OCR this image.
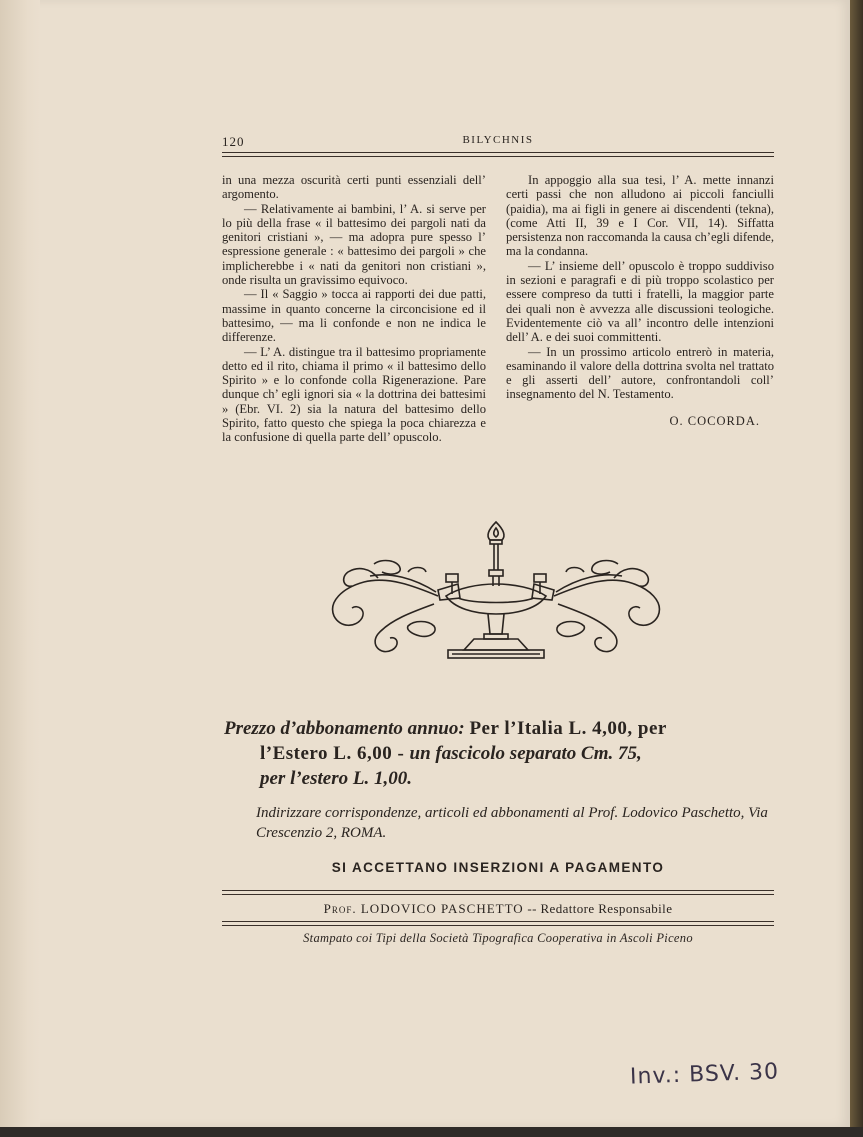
120	BILYCHNIS

in una mezza oscurità certi punti essenziali dell’ argomento.

— Relativamente ai bambini, l’ A. si serve per lo più della frase « il battesimo dei pargoli nati da genitori cristiani », — ma adopra pure spesso l’ espressione generale : « battesimo dei pargoli » che implicherebbe i « nati da genitori non cristiani », onde risulta un gravissimo equivoco.

— Il « Saggio » tocca ai rapporti dei due patti, massime in quanto concerne la circoncisione ed il battesimo, — ma li confonde e non ne indica le differenze.

— L’ A. distingue tra il battesimo propriamente detto ed il rito, chiama il primo « il battesimo dello Spirito » e lo confonde colla Rigenerazione. Pare dunque ch’ egli ignori sia « la dottrina dei battesimi » (Ebr. VI. 2) sia la natura del battesimo dello Spirito, fatto questo che spiega la poca chiarezza e la confusione di quella parte dell’ opuscolo.

In appoggio alla sua tesi, l’ A. mette innanzi certi passi che non alludono ai piccoli fanciulli (paidia), ma ai figli in genere ai discendenti (tekna), (come Atti II, 39 e I Cor. VII, 14). Siffatta persistenza non raccomanda la causa ch’egli difende, ma la condanna.

— L’ insieme dell’ opuscolo è troppo suddiviso in sezioni e paragrafi e di più troppo scolastico per essere compreso da tutti i fratelli, la maggior parte dei quali non è avvezza alle discussioni teologiche. Evidentemente ciò va all’ incontro delle intenzioni dell’ A. e dei suoi committenti.

— In un prossimo articolo entrerò in materia, esaminando il valore della dottrina svolta nel trattato e gli asserti dell’ autore, confrontandoli coll’ insegnamento del N. Testamento.

O. COCORDA.
Prezzo d’abbonamento annuo: Per l’Italia L. 4,00, per
l’Estero L. 6,00 - un fascicolo separato Cm. 75,
per l’estero L. 1,00.
Indirizzare corrispondenze, articoli ed abbonamenti al Prof. Lodovico Paschetto, Via Crescenzio 2, ROMA.
SI ACCETTANO INSERZIONI A PAGAMENTO
Prof. LODOVICO PASCHETTO -- Redattore Responsabile
Stampato coi Tipi della Società Tipografica Cooperativa in Ascoli Piceno
Inv.: BSV. 30
